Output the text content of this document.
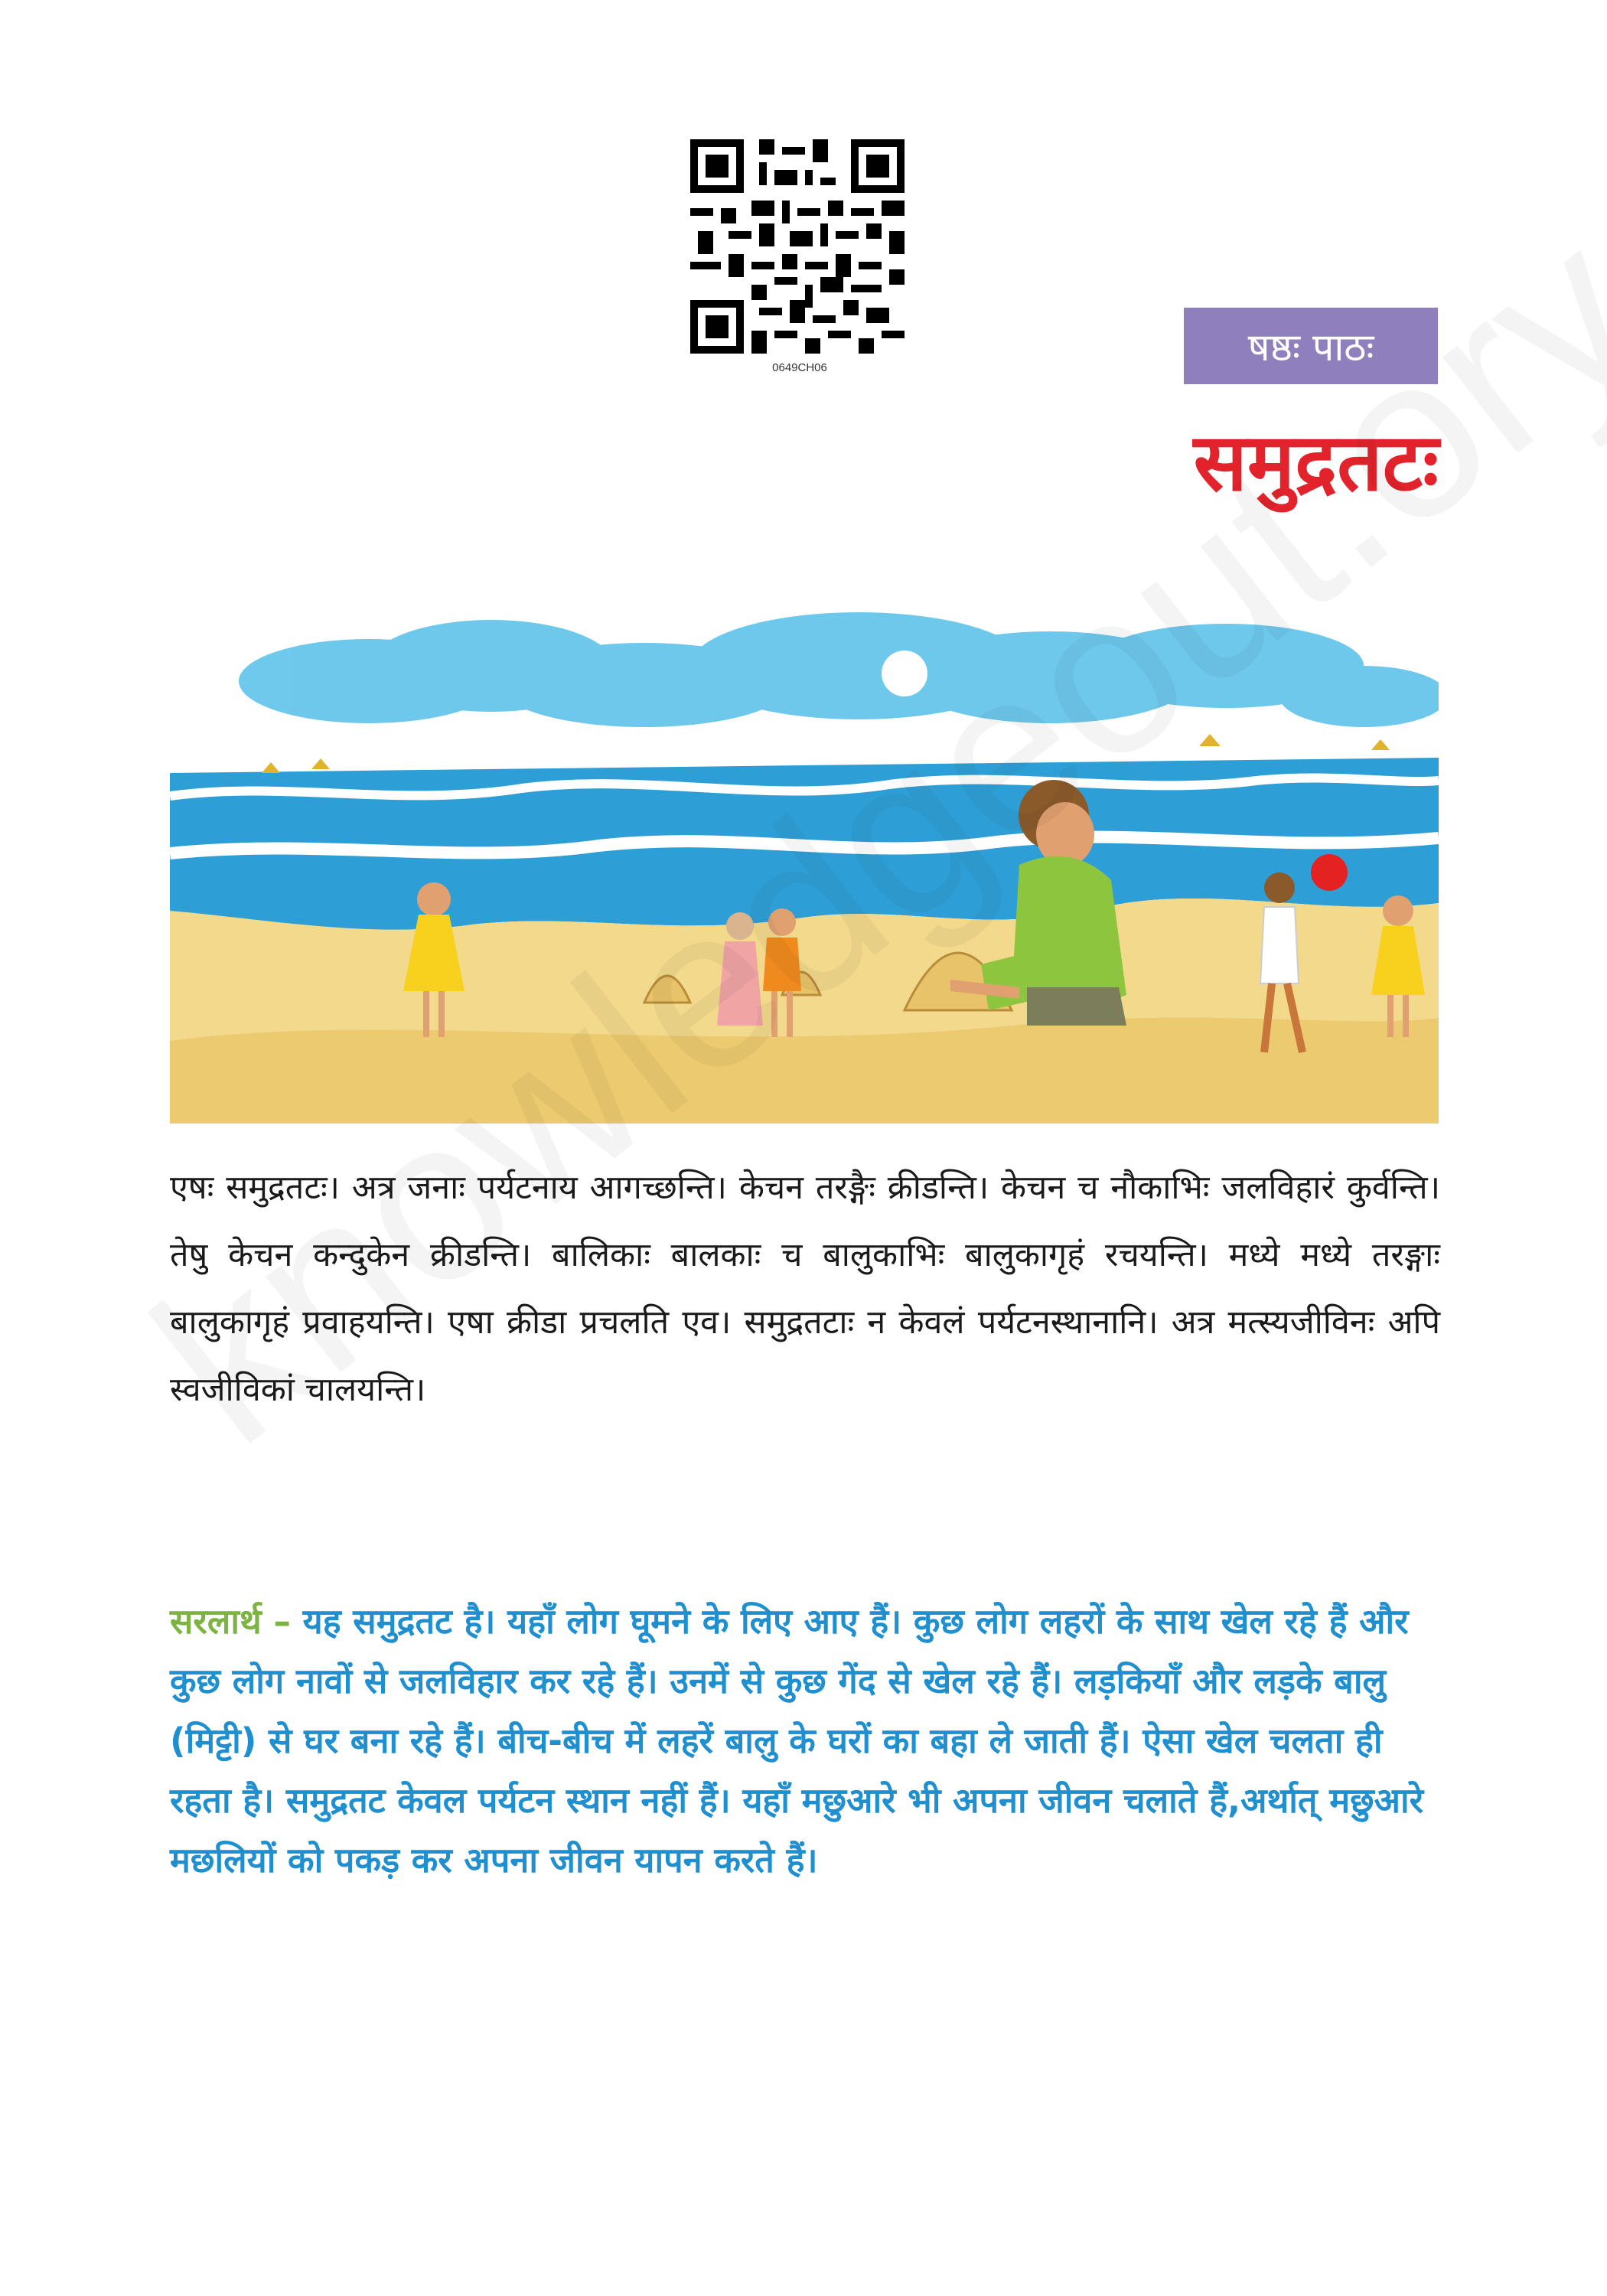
0649CH06	षष्ठः पाठः
समुद्रतटः

एषः समुद्रतटः। अत्र जनाः पर्यटनाय आगच्छन्ति। केचन तरङ्गैः क्रीडन्ति। केचन च नौकाभिः जलविहारं कुर्वन्ति। तेषु केचन कन्दुकेन क्रीडन्ति। बालिकाः बालकाः च बालुकाभिः बालुकागृहं रचयन्ति। मध्ये मध्ये तरङ्गाः बालुकागृहं प्रवाहयन्ति। एषा क्रीडा प्रचलति एव। समुद्रतटाः न केवलं पर्यटनस्थानानि। अत्र मत्स्यजीविनः अपि स्वजीविकां चालयन्ति।

सरलार्थ – यह समुद्रतट है। यहाँ लोग घूमने के लिए आए हैं। कुछ लोग लहरों के साथ खेल रहे हैं और कुछ लोग नावों से जलविहार कर रहे हैं। उनमें से कुछ गेंद से खेल रहे हैं। लड़कियाँ और लड़के बालु (मिट्टी) से घर बना रहे हैं। बीच-बीच में लहरें बालु के घरों का बहा ले जाती हैं। ऐसा खेल चलता ही रहता है। समुद्रतट केवल पर्यटन स्थान नहीं हैं। यहाँ मछुआरे भी अपना जीवन चलाते हैं,अर्थात् मछुआरे मछलियों को पकड़ कर अपना जीवन यापन करते हैं।
